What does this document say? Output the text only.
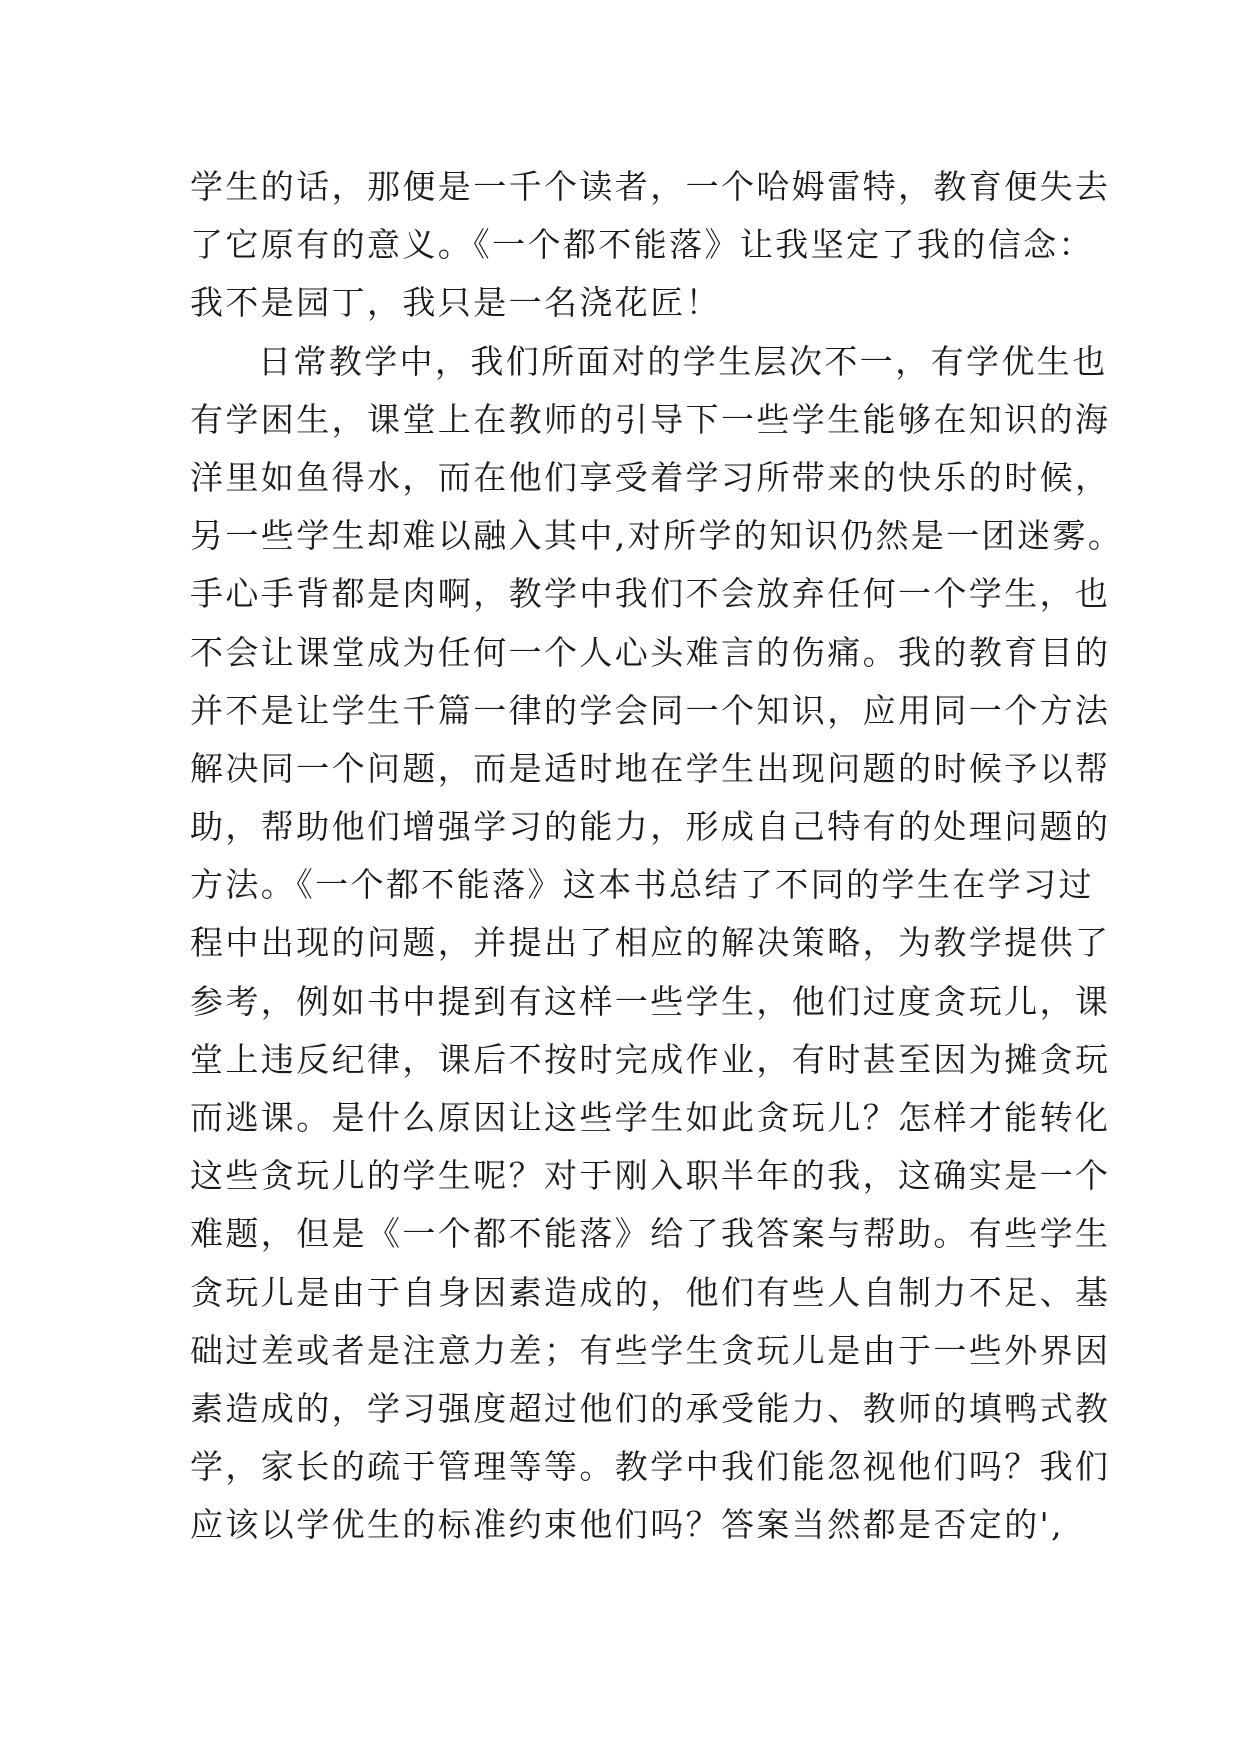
学生的话，那便是一千个读者，一个哈姆雷特，教育便失去
了它原有的意义。《一个都不能落》让我坚定了我的信念：
我不是园丁，我只是一名浇花匠！
日常教学中，我们所面对的学生层次不一，有学优生也
有学困生，课堂上在教师的引导下一些学生能够在知识的海
洋里如鱼得水，而在他们享受着学习所带来的快乐的时候，
另一些学生却难以融入其中,对所学的知识仍然是一团迷雾。
手心手背都是肉啊，教学中我们不会放弃任何一个学生，也
不会让课堂成为任何一个人心头难言的伤痛。我的教育目的
并不是让学生千篇一律的学会同一个知识，应用同一个方法
解决同一个问题，而是适时地在学生出现问题的时候予以帮
助，帮助他们增强学习的能力，形成自己特有的处理问题的
方法。《一个都不能落》这本书总结了不同的学生在学习过
程中出现的问题，并提出了相应的解决策略，为教学提供了
参考，例如书中提到有这样一些学生，他们过度贪玩儿，课
堂上违反纪律，课后不按时完成作业，有时甚至因为摊贪玩
而逃课。是什么原因让这些学生如此贪玩儿？怎样才能转化
这些贪玩儿的学生呢？对于刚入职半年的我，这确实是一个
难题，但是《一个都不能落》给了我答案与帮助。有些学生
贪玩儿是由于自身因素造成的，他们有些人自制力不足、基
础过差或者是注意力差；有些学生贪玩儿是由于一些外界因
素造成的，学习强度超过他们的承受能力、教师的填鸭式教
学，家长的疏于管理等等。教学中我们能忽视他们吗？我们
应该以学优生的标准约束他们吗？答案当然都是否定的',
